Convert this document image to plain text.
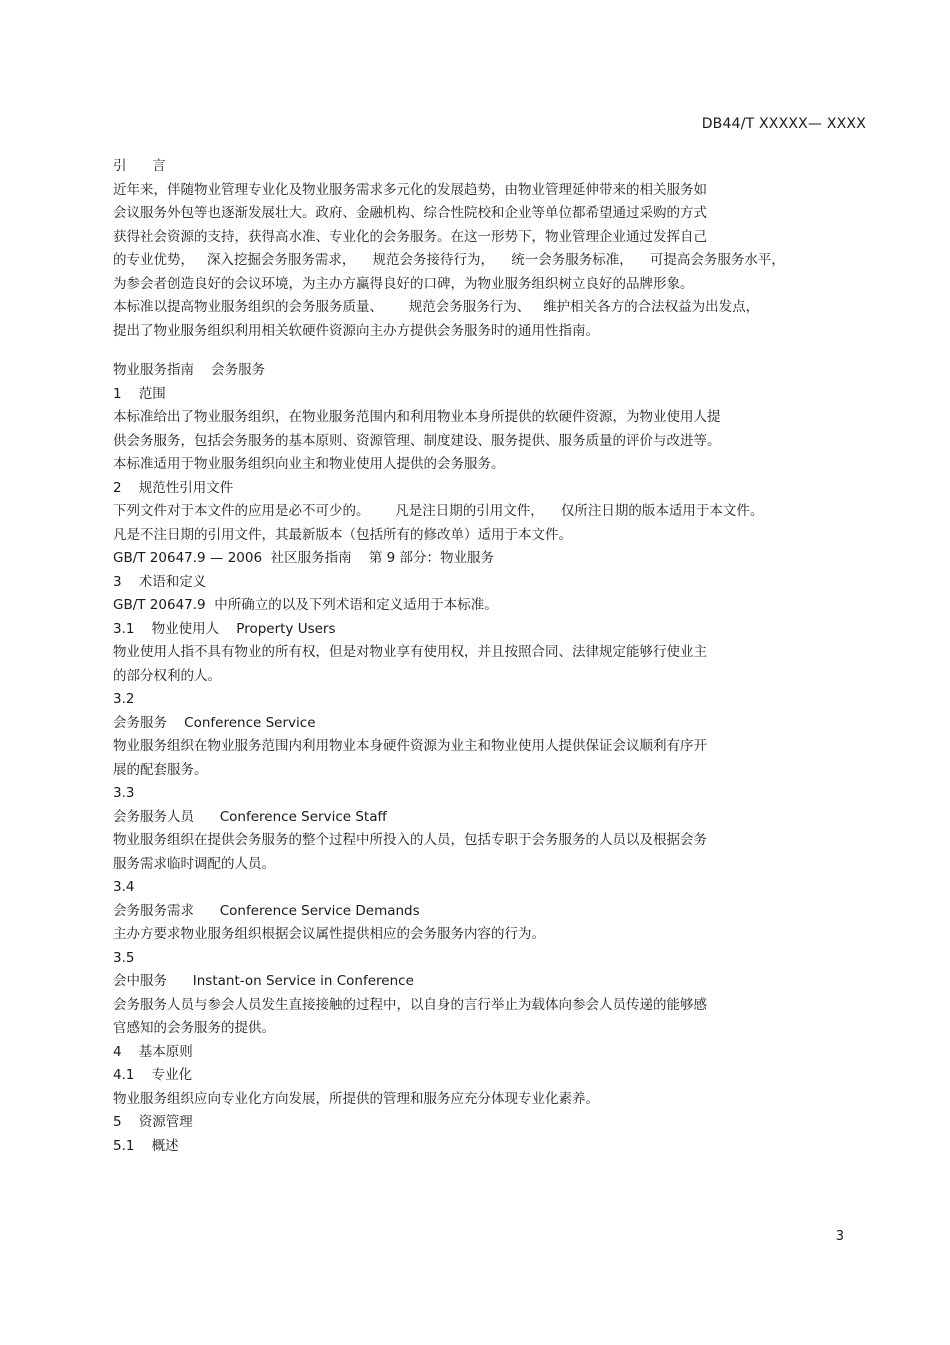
DB44/T XXXXX— XXXX
引      言
近年来，伴随物业管理专业化及物业服务需求多元化的发展趋势，由物业管理延伸带来的相关服务如
会议服务外包等也逐渐发展壮大。政府、金融机构、综合性院校和企业等单位都希望通过采购的方式
获得社会资源的支持，获得高水准、专业化的会务服务。在这一形势下，物业管理企业通过发挥自己
的专业优势，   深入挖掘会务服务需求，    规范会务接待行为，    统一会务服务标准，    可提高会务服务水平，
为参会者创造良好的会议环境，为主办方赢得良好的口碑，为物业服务组织树立良好的品牌形象。
本标准以提高物业服务组织的会务服务质量、      规范会务服务行为、   维护相关各方的合法权益为出发点，
提出了物业服务组织利用相关软硬件资源向主办方提供会务服务时的通用性指南。
物业服务指南    会务服务
1    范围
本标准给出了物业服务组织，在物业服务范围内和利用物业本身所提供的软硬件资源，为物业使用人提
供会务服务，包括会务服务的基本原则、资源管理、制度建设、服务提供、服务质量的评价与改进等。
本标准适用于物业服务组织向业主和物业使用人提供的会务服务。
2    规范性引用文件
下列文件对于本文件的应用是必不可少的。      凡是注日期的引用文件，    仅所注日期的版本适用于本文件。
凡是不注日期的引用文件，其最新版本（包括所有的修改单）适用于本文件。
GB/T 20647.9 — 2006  社区服务指南    第 9 部分：物业服务
3    术语和定义
GB/T 20647.9  中所确立的以及下列术语和定义适用于本标准。
3.1    物业使用人    Property Users
物业使用人指不具有物业的所有权，但是对物业享有使用权，并且按照合同、法律规定能够行使业主
的部分权利的人。
3.2
会务服务    Conference Service
物业服务组织在物业服务范围内利用物业本身硬件资源为业主和物业使用人提供保证会议顺利有序开
展的配套服务。
3.3
会务服务人员      Conference Service Staff
物业服务组织在提供会务服务的整个过程中所投入的人员，包括专职于会务服务的人员以及根据会务
服务需求临时调配的人员。
3.4
会务服务需求      Conference Service Demands
主办方要求物业服务组织根据会议属性提供相应的会务服务内容的行为。
3.5
会中服务      Instant-on Service in Conference
会务服务人员与参会人员发生直接接触的过程中，以自身的言行举止为载体向参会人员传递的能够感
官感知的会务服务的提供。
4    基本原则
4.1    专业化
物业服务组织应向专业化方向发展，所提供的管理和服务应充分体现专业化素养。
5    资源管理
5.1    概述
3
